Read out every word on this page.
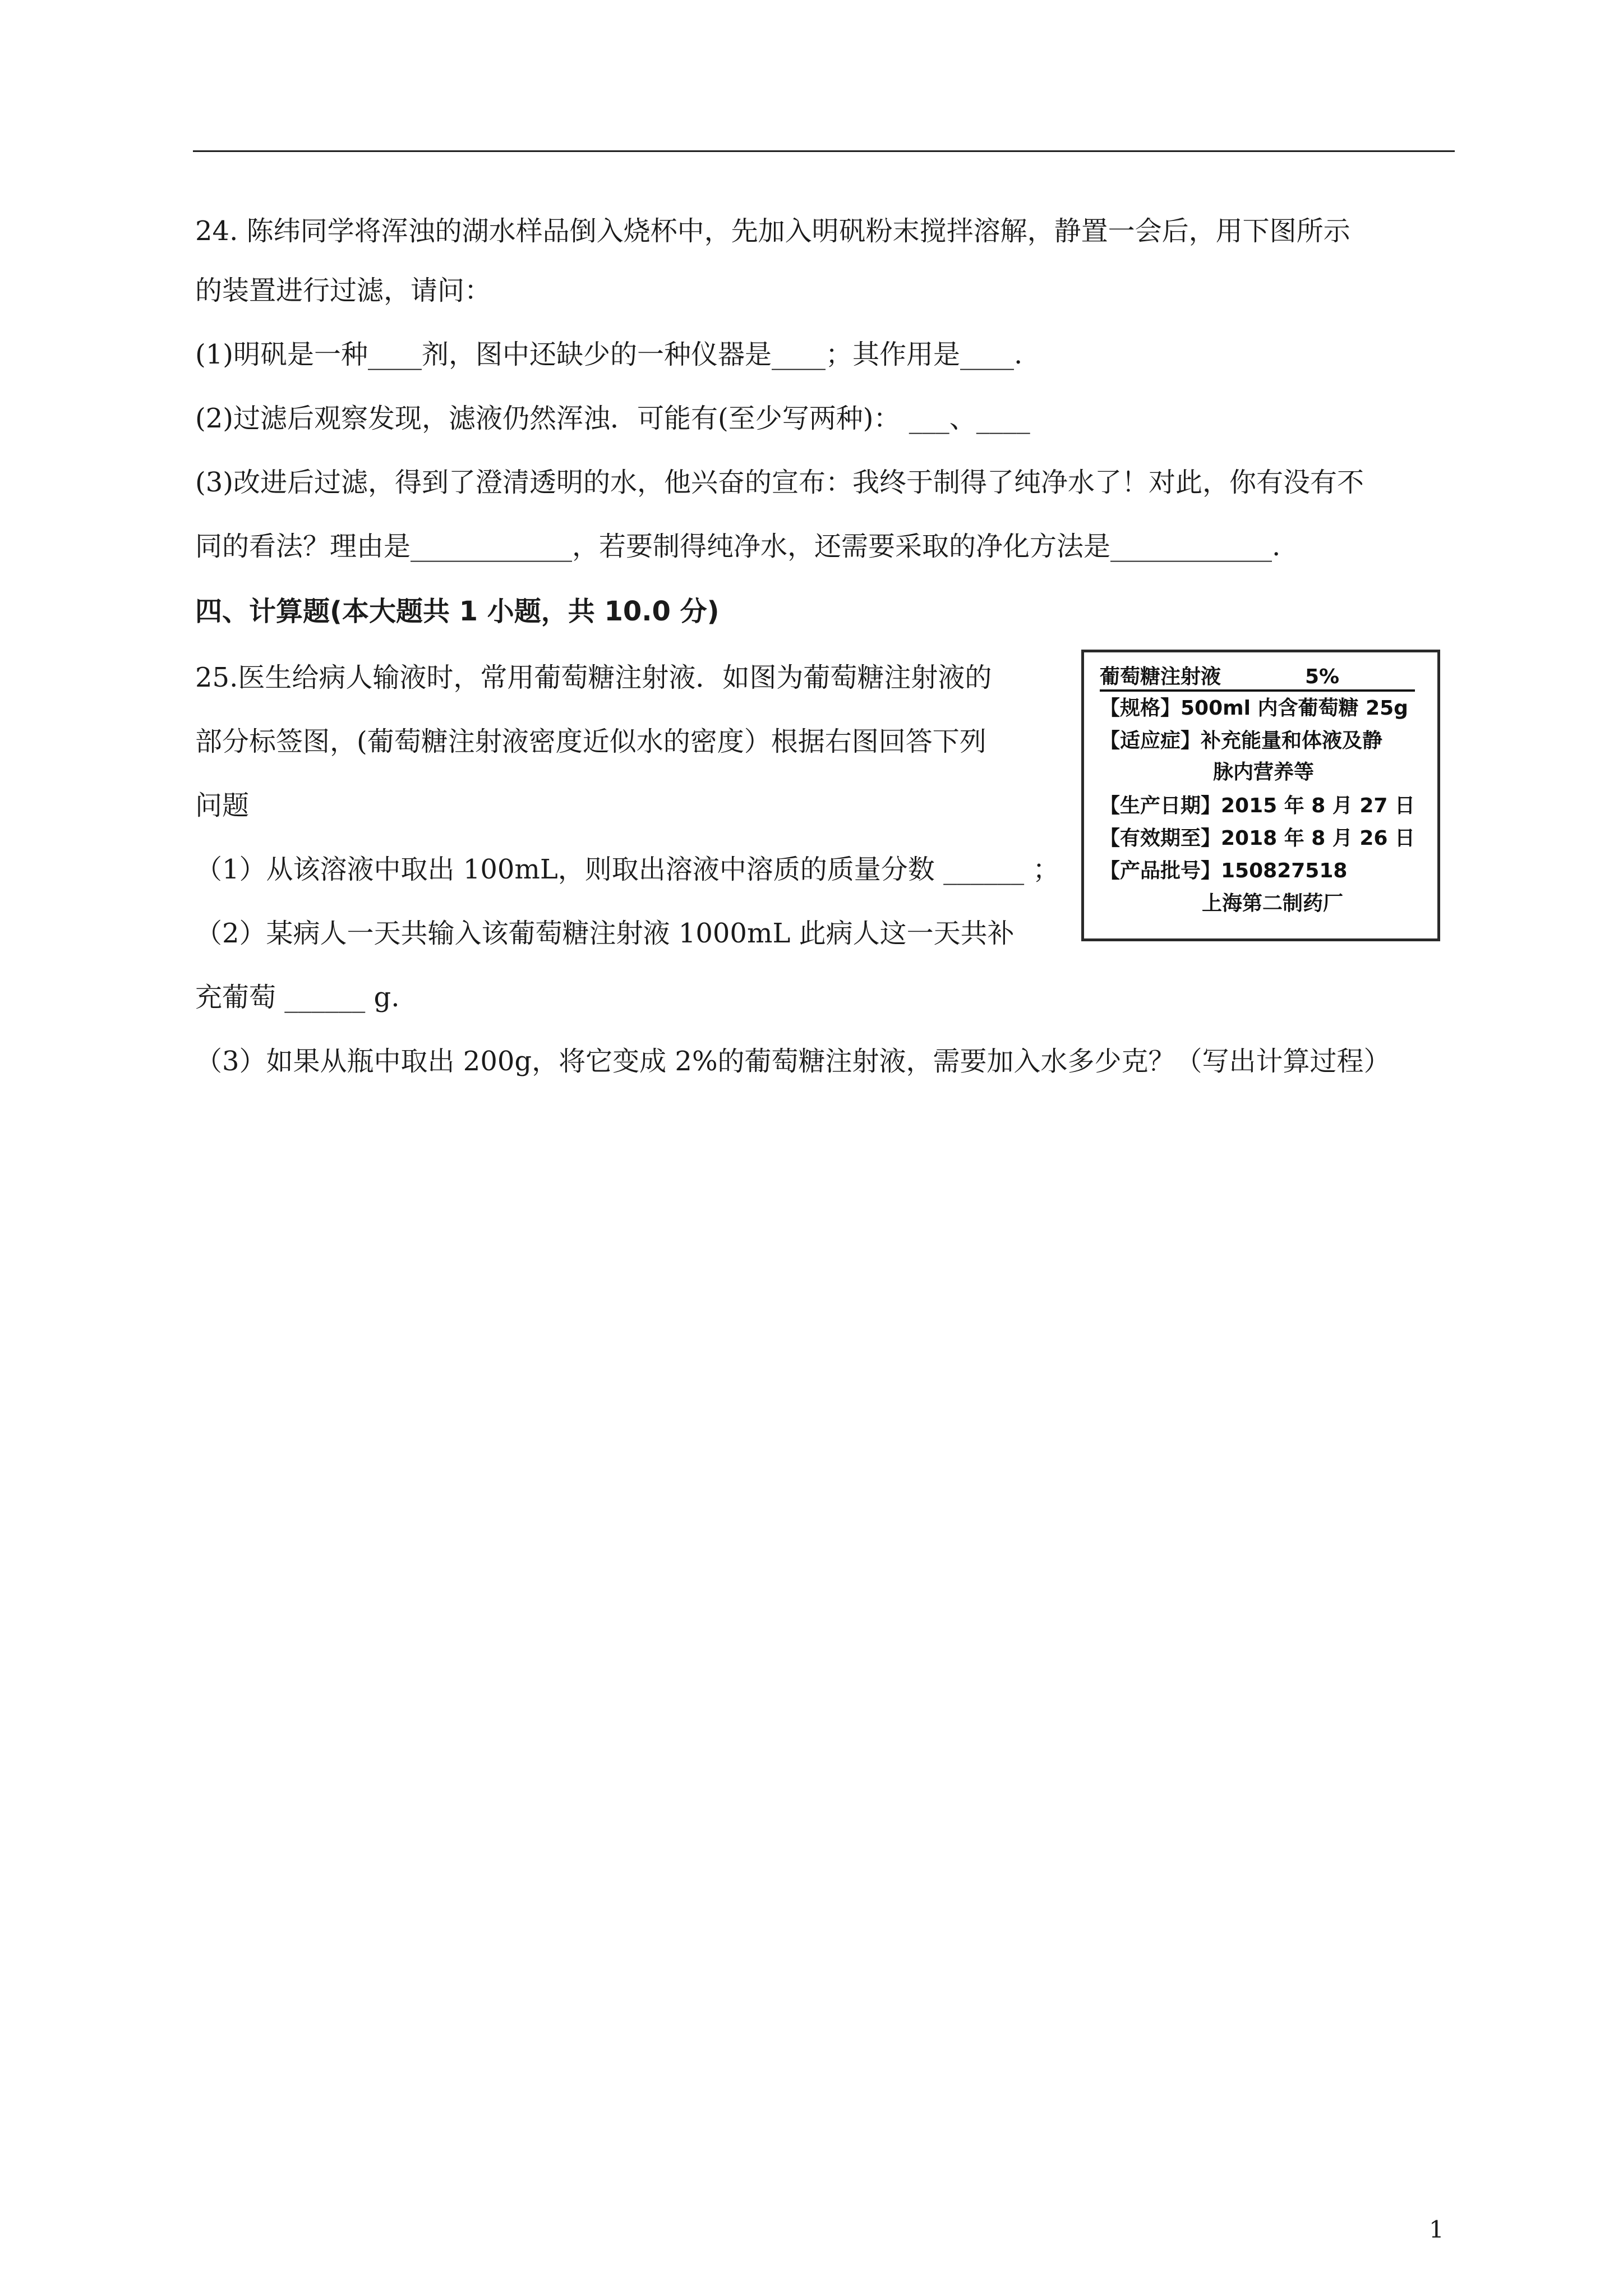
24. 陈纬同学将浑浊的湖水样品倒入烧杯中，先加入明矾粉末搅拌溶解，静置一会后，用下图所示
的装置进行过滤，请问：
(1)明矾是一种____剂，图中还缺少的一种仪器是____；其作用是____.
(2)过滤后观察发现，滤液仍然浑浊．可能有(至少写两种)： ___、____
(3)改进后过滤，得到了澄清透明的水，他兴奋的宣布：我终于制得了纯净水了！对此，你有没有不
同的看法？理由是____________，若要制得纯净水，还需要采取的净化方法是____________.
四、计算题(本大题共 1 小题，共 10.0 分)
25.医生给病人输液时，常用葡萄糖注射液．如图为葡萄糖注射液的
部分标签图，(葡萄糖注射液密度近似水的密度）根据右图回答下列
问题
（1）从该溶液中取出 100mL，则取出溶液中溶质的质量分数 ______ ；
（2）某病人一天共输入该葡萄糖注射液 1000mL 此病人这一天共补
充葡萄 ______ g.
（3）如果从瓶中取出 200g，将它变成 2%的葡萄糖注射液，需要加入水多少克？（写出计算过程）
葡萄糖注射液	5%
【规格】500ml 内含葡萄糖 25g
【适应症】补充能量和体液及静
脉内营养等
【生产日期】2015 年 8 月 27 日
【有效期至】2018 年 8 月 26 日
【产品批号】150827518
上海第二制药厂
1
